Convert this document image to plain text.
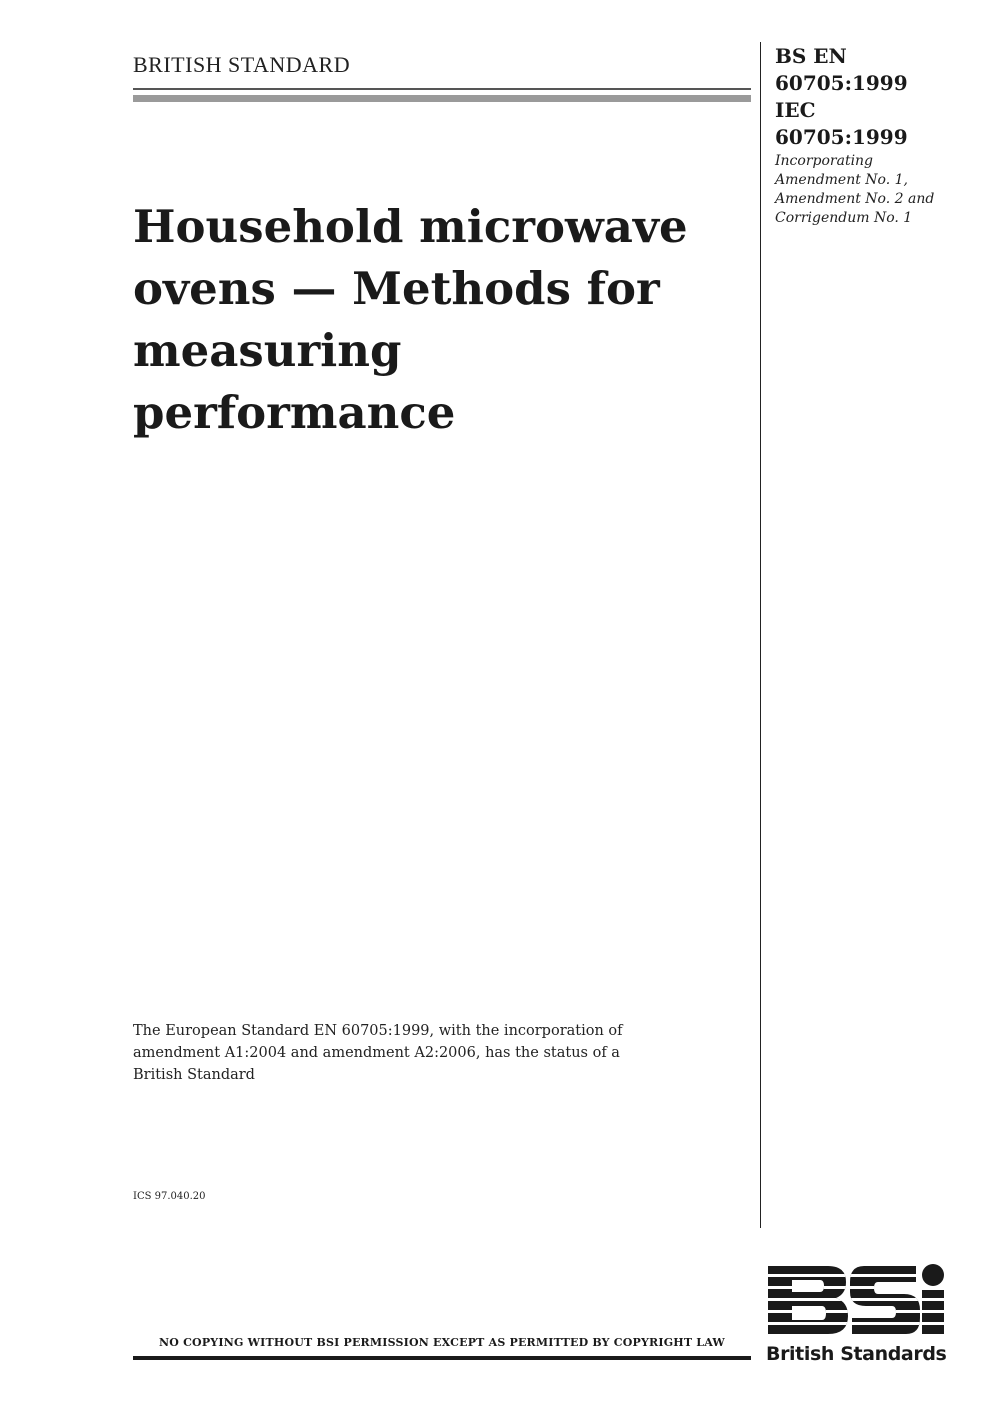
BRITISH STANDARD	BS EN
60705:1999
IEC
60705:1999
Incorporating
Amendment No. 1,
Amendment No. 2 and
Corrigendum No. 1
Household microwave
ovens — Methods for
measuring
performance
The European Standard EN 60705:1999, with the incorporation of
amendment A1:2004 and amendment A2:2006, has the status of a
British Standard
ICS 97.040.20
NO COPYING WITHOUT BSI PERMISSION EXCEPT AS PERMITTED BY COPYRIGHT LAW
British Standards
